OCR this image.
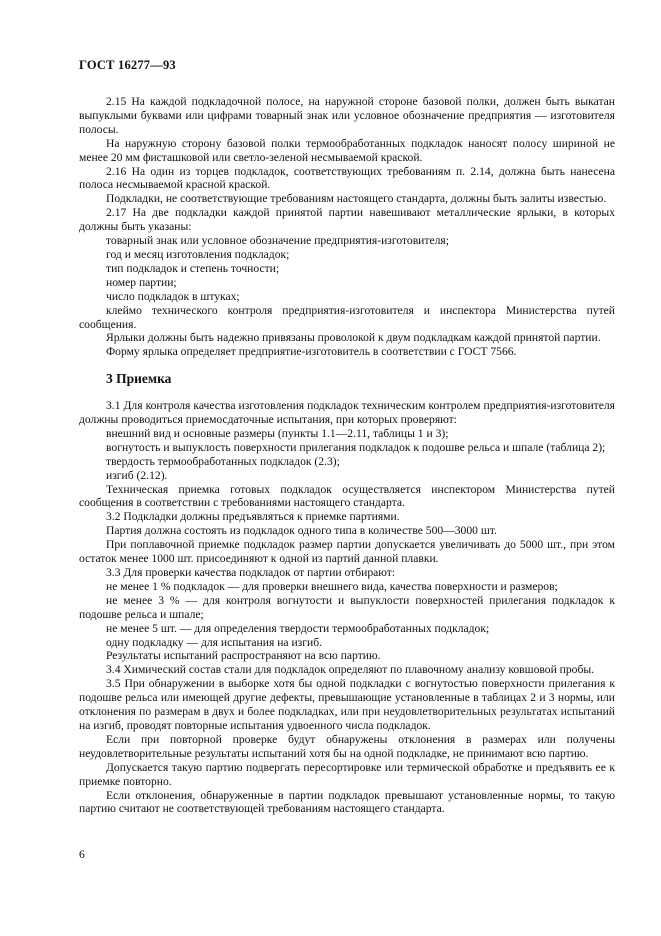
ГОСТ 16277—93

2.15 На каждой подкладочной полосе, на наружной стороне базовой полки, должен быть выкатан выпуклыми буквами или цифрами товарный знак или условное обозначение предприятия — изготовителя полосы.

На наружную сторону базовой полки термообработанных подкладок наносят полосу шириной не менее 20 мм фисташковой или светло-зеленой несмываемой краской.

2.16 На один из торцев подкладок, соответствующих требованиям п. 2.14, должна быть нанесена полоса несмываемой красной краской.

Подкладки, не соответствующие требованиям настоящего стандарта, должны быть залиты известью.

2.17 На две подкладки каждой принятой партии навешивают металлические ярлыки, в которых должны быть указаны:

товарный знак или условное обозначение предприятия-изготовителя;

год и месяц изготовления подкладок;

тип подкладок и степень точности;

номер партии;

число подкладок в штуках;

клеймо технического контроля предприятия-изготовителя и инспектора Министерства путей сообщения.

Ярлыки должны быть надежно привязаны проволокой к двум подкладкам каждой принятой партии.

Форму ярлыка определяет предприятие-изготовитель в соответствии с ГОСТ 7566.

3 Приемка

3.1 Для контроля качества изготовления подкладок техническим контролем предприятия-изготовителя должны проводиться приемосдаточные испытания, при которых проверяют:

внешний вид и основные размеры (пункты 1.1—2.11, таблицы 1 и 3);

вогнутость и выпуклость поверхности прилегания подкладок к подошве рельса и шпале (таблица 2);

твердость термообработанных подкладок (2.3);

изгиб (2.12).

Техническая приемка готовых подкладок осуществляется инспектором Министерства путей сообщения в соответствии с требованиями настоящего стандарта.

3.2 Подкладки должны предъявляться к приемке партиями.

Партия должна состоять из подкладок одного типа в количестве 500—3000 шт.

При поплавочной приемке подкладок размер партии допускается увеличивать до 5000 шт., при этом остаток менее 1000 шт. присоединяют к одной из партий данной плавки.

3.3 Для проверки качества подкладок от партии отбирают:

не менее 1 % подкладок — для проверки внешнего вида, качества поверхности и размеров;

не менее 3 % — для контроля вогнутости и выпуклости поверхностей прилегания подкладок к подошве рельса и шпале;

не менее 5 шт. — для определения твердости термообработанных подкладок;

одну подкладку — для испытания на изгиб.

Результаты испытаний распространяют на всю партию.

3.4 Химический состав стали для подкладок определяют по плавочному анализу ковшовой пробы.

3.5 При обнаружении в выборке хотя бы одной подкладки с вогнутостью поверхности прилегания к подошве рельса или имеющей другие дефекты, превышающие установленные в таблицах 2 и 3 нормы, или отклонения по размерам в двух и более подкладках, или при неудовлетворительных результатах испытаний на изгиб, проводят повторные испытания удвоенного числа подкладок.

Если при повторной проверке будут обнаружены отклонения в размерах или получены неудовлетворительные результаты испытаний хотя бы на одной подкладке, не принимают всю партию.

Допускается такую партию подвергать пересортировке или термической обработке и предъявить ее к приемке повторно.

Если отклонения, обнаруженные в партии подкладок превышают установленные нормы, то такую партию считают не соответствующей требованиям настоящего стандарта.

6
